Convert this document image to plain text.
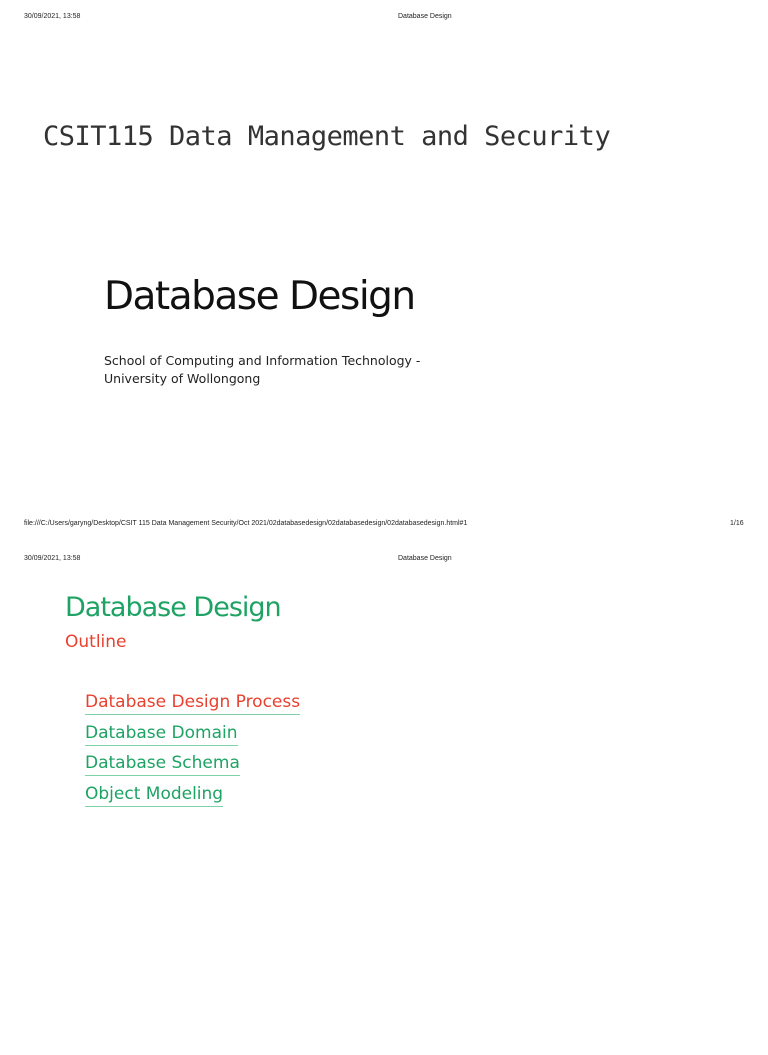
30/09/2021, 13:58	Database Design
CSIT115 Data Management and Security
Database Design
School of Computing and Information Technology - University of Wollongong
file:///C:/Users/garyng/Desktop/CSIT 115 Data Management Security/Oct 2021/02databasedesign/02databasedesign/02databasedesign.html#1	1/16
30/09/2021, 13:58	Database Design
Database Design
Outline
Database Design Process
Database Domain
Database Schema
Object Modeling
